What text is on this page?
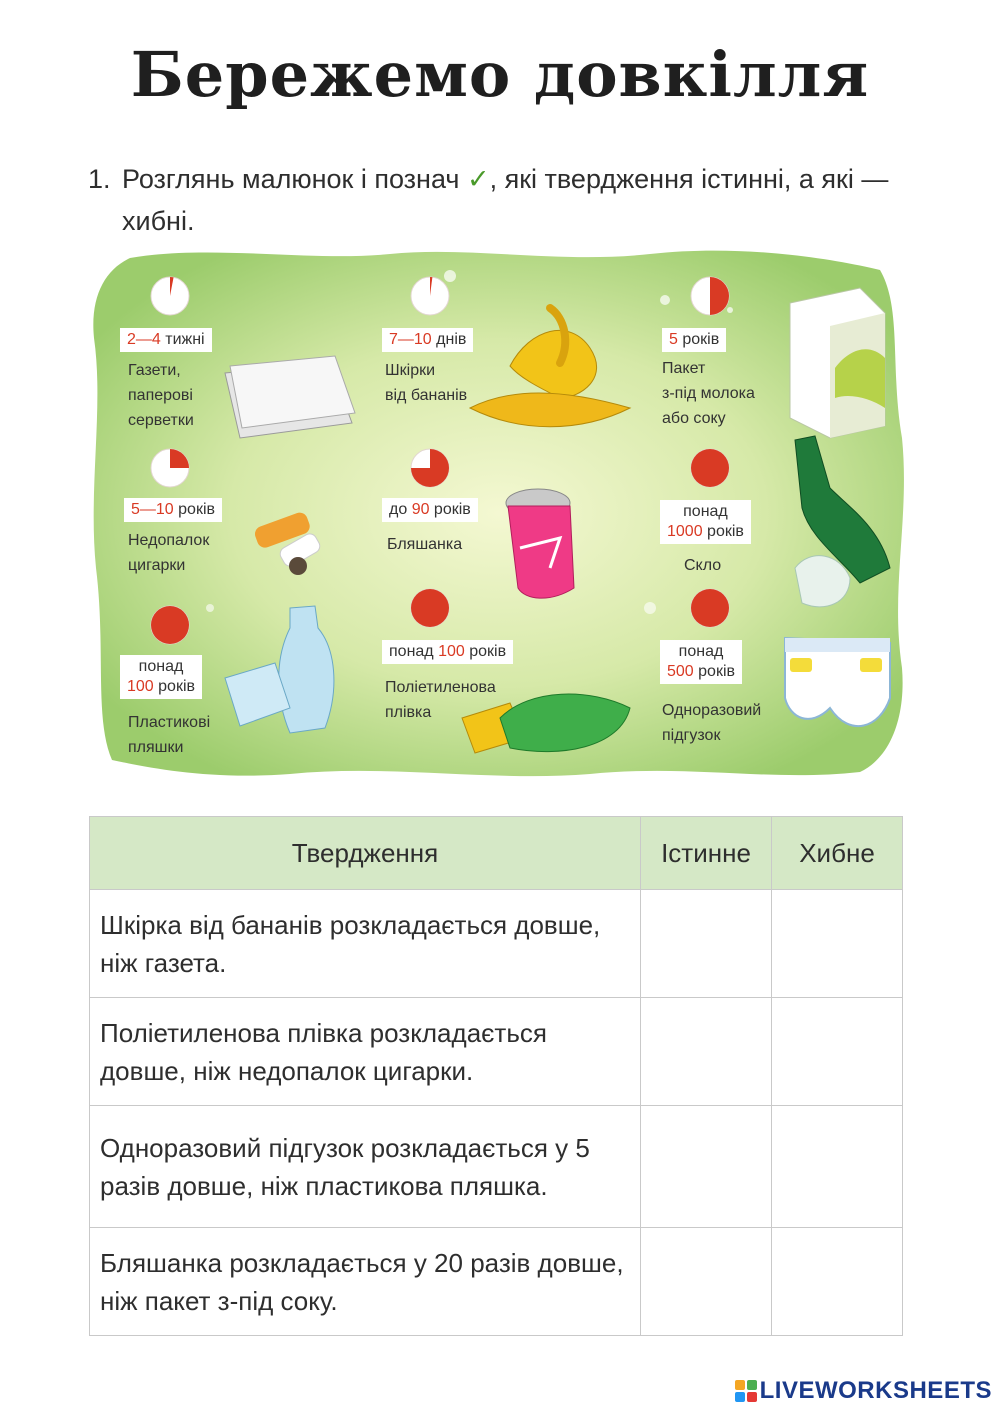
Бережемо довкілля
1. Розглянь малюнок і познач ✓, які твердження істинні, а які — хибні.
2—4 тижні
Газети,
паперові
серветки
7—10 днів
Шкірки
від бананів
5 років
Пакет
з-під молока
або соку
5—10 років
Недопалок
цигарки
до 90 років
Бляшанка
понад
1000 років
Скло
понад
100 років
Пластикові
пляшки
понад 100 років
Поліетиленова
плівка
понад
500 років
Одноразовий
підгузок
Твердження	Істинне	Хибне
Шкірка від бананів розкладається довше, ніж газета.		
Поліетиленова плівка розкладається довше, ніж недопалок цигарки.		
Одноразовий підгузок розкладається у 5 разів довше, ніж пластикова пляшка.		
Бляшанка розкладається у 20 разів довше, ніж пакет з-під соку.		
LIVEWORKSHEETS
